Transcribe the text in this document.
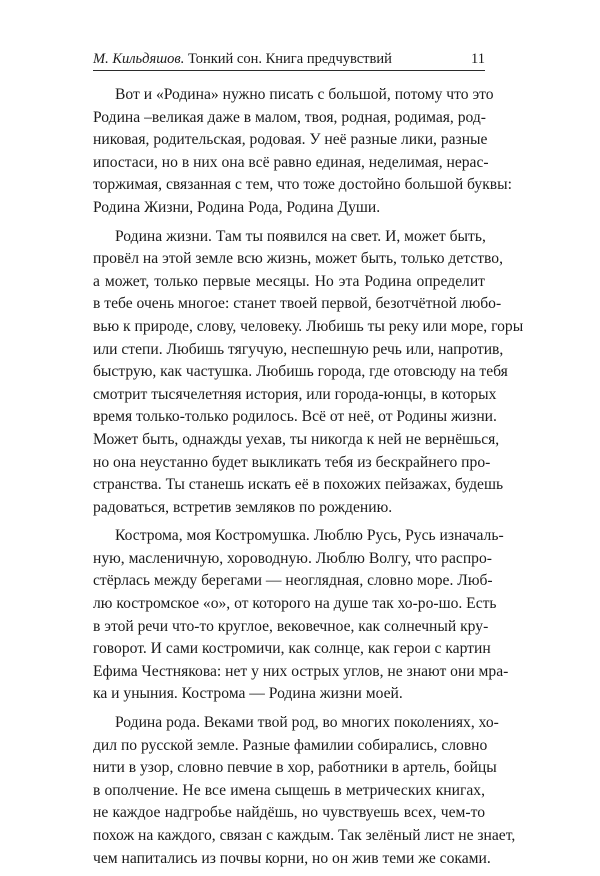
М. Кильдяшов. Тонкий сон. Книга предчувствий	11
Вот и «Родина» нужно писать с большой, потому что это
Родина –великая даже в малом, твоя, родная, родимая, род-
никовая, родительская, родовая. У неё разные лики, разные
ипостаси, но в них она всё равно единая, неделимая, нерас-
торжимая, связанная с тем, что тоже достойно большой буквы:
Родина Жизни, Родина Рода, Родина Души.
Родина жизни. Там ты появился на свет. И, может быть,
провёл на этой земле всю жизнь, может быть, только детство,
а может, только первые месяцы. Но эта Родина определит
в тебе очень многое: станет твоей первой, безотчётной любо-
вью к природе, слову, человеку. Любишь ты реку или море, горы
или степи. Любишь тягучую, неспешную речь или, напротив,
быструю, как частушка. Любишь города, где отовсюду на тебя
смотрит тысячелетняя история, или города-юнцы, в которых
время только-только родилось. Всё от неё, от Родины жизни.
Может быть, однажды уехав, ты никогда к ней не вернёшься,
но она неустанно будет выкликать тебя из бескрайнего про-
странства. Ты станешь искать её в похожих пейзажах, будешь
радоваться, встретив земляков по рождению.
Кострома, моя Костромушка. Люблю Русь, Русь изначаль-
ную, масленичную, хороводную. Люблю Волгу, что распро-
стёрлась между берегами — неоглядная, словно море. Люб-
лю костромское «о», от которого на душе так хо-ро-шо. Есть
в этой речи что-то круглое, вековечное, как солнечный кру-
говорот. И сами костромичи, как солнце, как герои с картин
Ефима Честнякова: нет у них острых углов, не знают они мра-
ка и уныния. Кострома — Родина жизни моей.
Родина рода. Веками твой род, во многих поколениях, хо-
дил по русской земле. Разные фамилии собирались, словно
нити в узор, словно певчие в хор, работники в артель, бойцы
в ополчение. Не все имена сыщешь в метрических книгах,
не каждое надгробье найдёшь, но чувствуешь всех, чем-то
похож на каждого, связан с каждым. Так зелёный лист не знает,
чем напитались из почвы корни, но он жив теми же соками.
